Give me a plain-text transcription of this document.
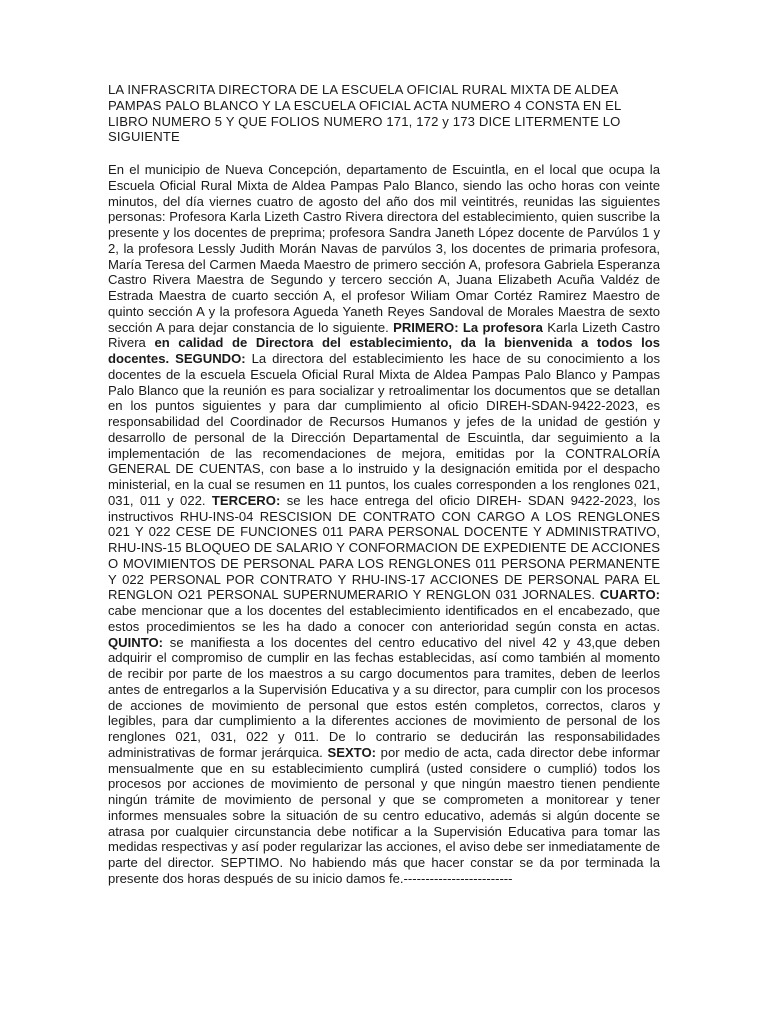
LA INFRASCRITA DIRECTORA DE LA ESCUELA OFICIAL RURAL MIXTA DE ALDEA PAMPAS PALO BLANCO Y LA ESCUELA OFICIAL ACTA NUMERO 4 CONSTA EN EL LIBRO NUMERO 5 Y QUE FOLIOS NUMERO 171, 172 y 173 DICE LITERMENTE LO SIGUIENTE

En el municipio de Nueva Concepción, departamento de Escuintla, en el local que ocupa la Escuela Oficial Rural Mixta de Aldea Pampas Palo Blanco, siendo las ocho horas con veinte minutos, del día viernes cuatro de agosto del año dos mil veintitrés, reunidas las siguientes personas: Profesora Karla Lizeth Castro Rivera directora del establecimiento, quien suscribe la presente y los docentes de preprima; profesora Sandra Janeth López docente de Parvúlos 1 y 2, la profesora Lessly Judith Morán Navas de parvúlos 3, los docentes de primaria profesora, María Teresa del Carmen Maeda Maestro de primero sección A, profesora Gabriela Esperanza Castro Rivera Maestra de Segundo y tercero sección A, Juana Elizabeth Acuña Valdéz de Estrada Maestra de cuarto sección A, el profesor Wiliam Omar Cortéz Ramirez Maestro de quinto sección A y la profesora Agueda Yaneth Reyes Sandoval de Morales Maestra de sexto sección A para dejar constancia de lo siguiente. PRIMERO: La profesora Karla Lizeth Castro Rivera en calidad de Directora del establecimiento, da la bienvenida a todos los docentes. SEGUNDO: La directora del establecimiento les hace de su conocimiento a los docentes de la escuela Escuela Oficial Rural Mixta de Aldea Pampas Palo Blanco y Pampas Palo Blanco que la reunión es para socializar y retroalimentar los documentos que se detallan en los puntos siguientes y para dar cumplimiento al oficio DIREH-SDAN-9422-2023, es responsabilidad del Coordinador de Recursos Humanos y jefes de la unidad de gestión y desarrollo de personal de la Dirección Departamental de Escuintla, dar seguimiento a la implementación de las recomendaciones de mejora, emitidas por la CONTRALORÍA GENERAL DE CUENTAS, con base a lo instruido y la designación emitida por el despacho ministerial, en la cual se resumen en 11 puntos, los cuales corresponden a los renglones 021, 031, 011 y 022. TERCERO: se les hace entrega del oficio DIREH- SDAN 9422-2023, los instructivos RHU-INS-04 RESCISION DE CONTRATO CON CARGO A LOS RENGLONES 021 Y 022 CESE DE FUNCIONES 011 PARA PERSONAL DOCENTE Y ADMINISTRATIVO, RHU-INS-15 BLOQUEO DE SALARIO Y CONFORMACION DE EXPEDIENTE DE ACCIONES O MOVIMIENTOS DE PERSONAL PARA LOS RENGLONES 011 PERSONA PERMANENTE Y 022 PERSONAL POR CONTRATO Y RHU-INS-17 ACCIONES DE PERSONAL PARA EL RENGLON O21 PERSONAL SUPERNUMERARIO Y RENGLON 031 JORNALES. CUARTO: cabe mencionar que a los docentes del establecimiento identificados en el encabezado, que estos procedimientos se les ha dado a conocer con anterioridad según consta en actas. QUINTO: se manifiesta a los docentes del centro educativo del nivel 42 y 43,que deben adquirir el compromiso de cumplir en las fechas establecidas, así como también al momento de recibir por parte de los maestros a su cargo documentos para tramites, deben de leerlos antes de entregarlos a la Supervisión Educativa y a su director, para cumplir con los procesos de acciones de movimiento de personal que estos estén completos, correctos, claros y legibles, para dar cumplimiento a la diferentes acciones de movimiento de personal de los renglones 021, 031, 022 y 011. De lo contrario se deducirán las responsabilidades administrativas de formar jerárquica. SEXTO: por medio de acta, cada director debe informar mensualmente que en su establecimiento cumplirá (usted considere o cumplió) todos los procesos por acciones de movimiento de personal y que ningún maestro tienen pendiente ningún trámite de movimiento de personal y que se comprometen a monitorear y tener informes mensuales sobre la situación de su centro educativo, además si algún docente se atrasa por cualquier circunstancia debe notificar a la Supervisión Educativa para tomar las medidas respectivas y así poder regularizar las acciones, el aviso debe ser inmediatamente de parte del director. SEPTIMO. No habiendo más que hacer constar se da por terminada la presente dos horas después de su inicio damos fe.-------------------------
